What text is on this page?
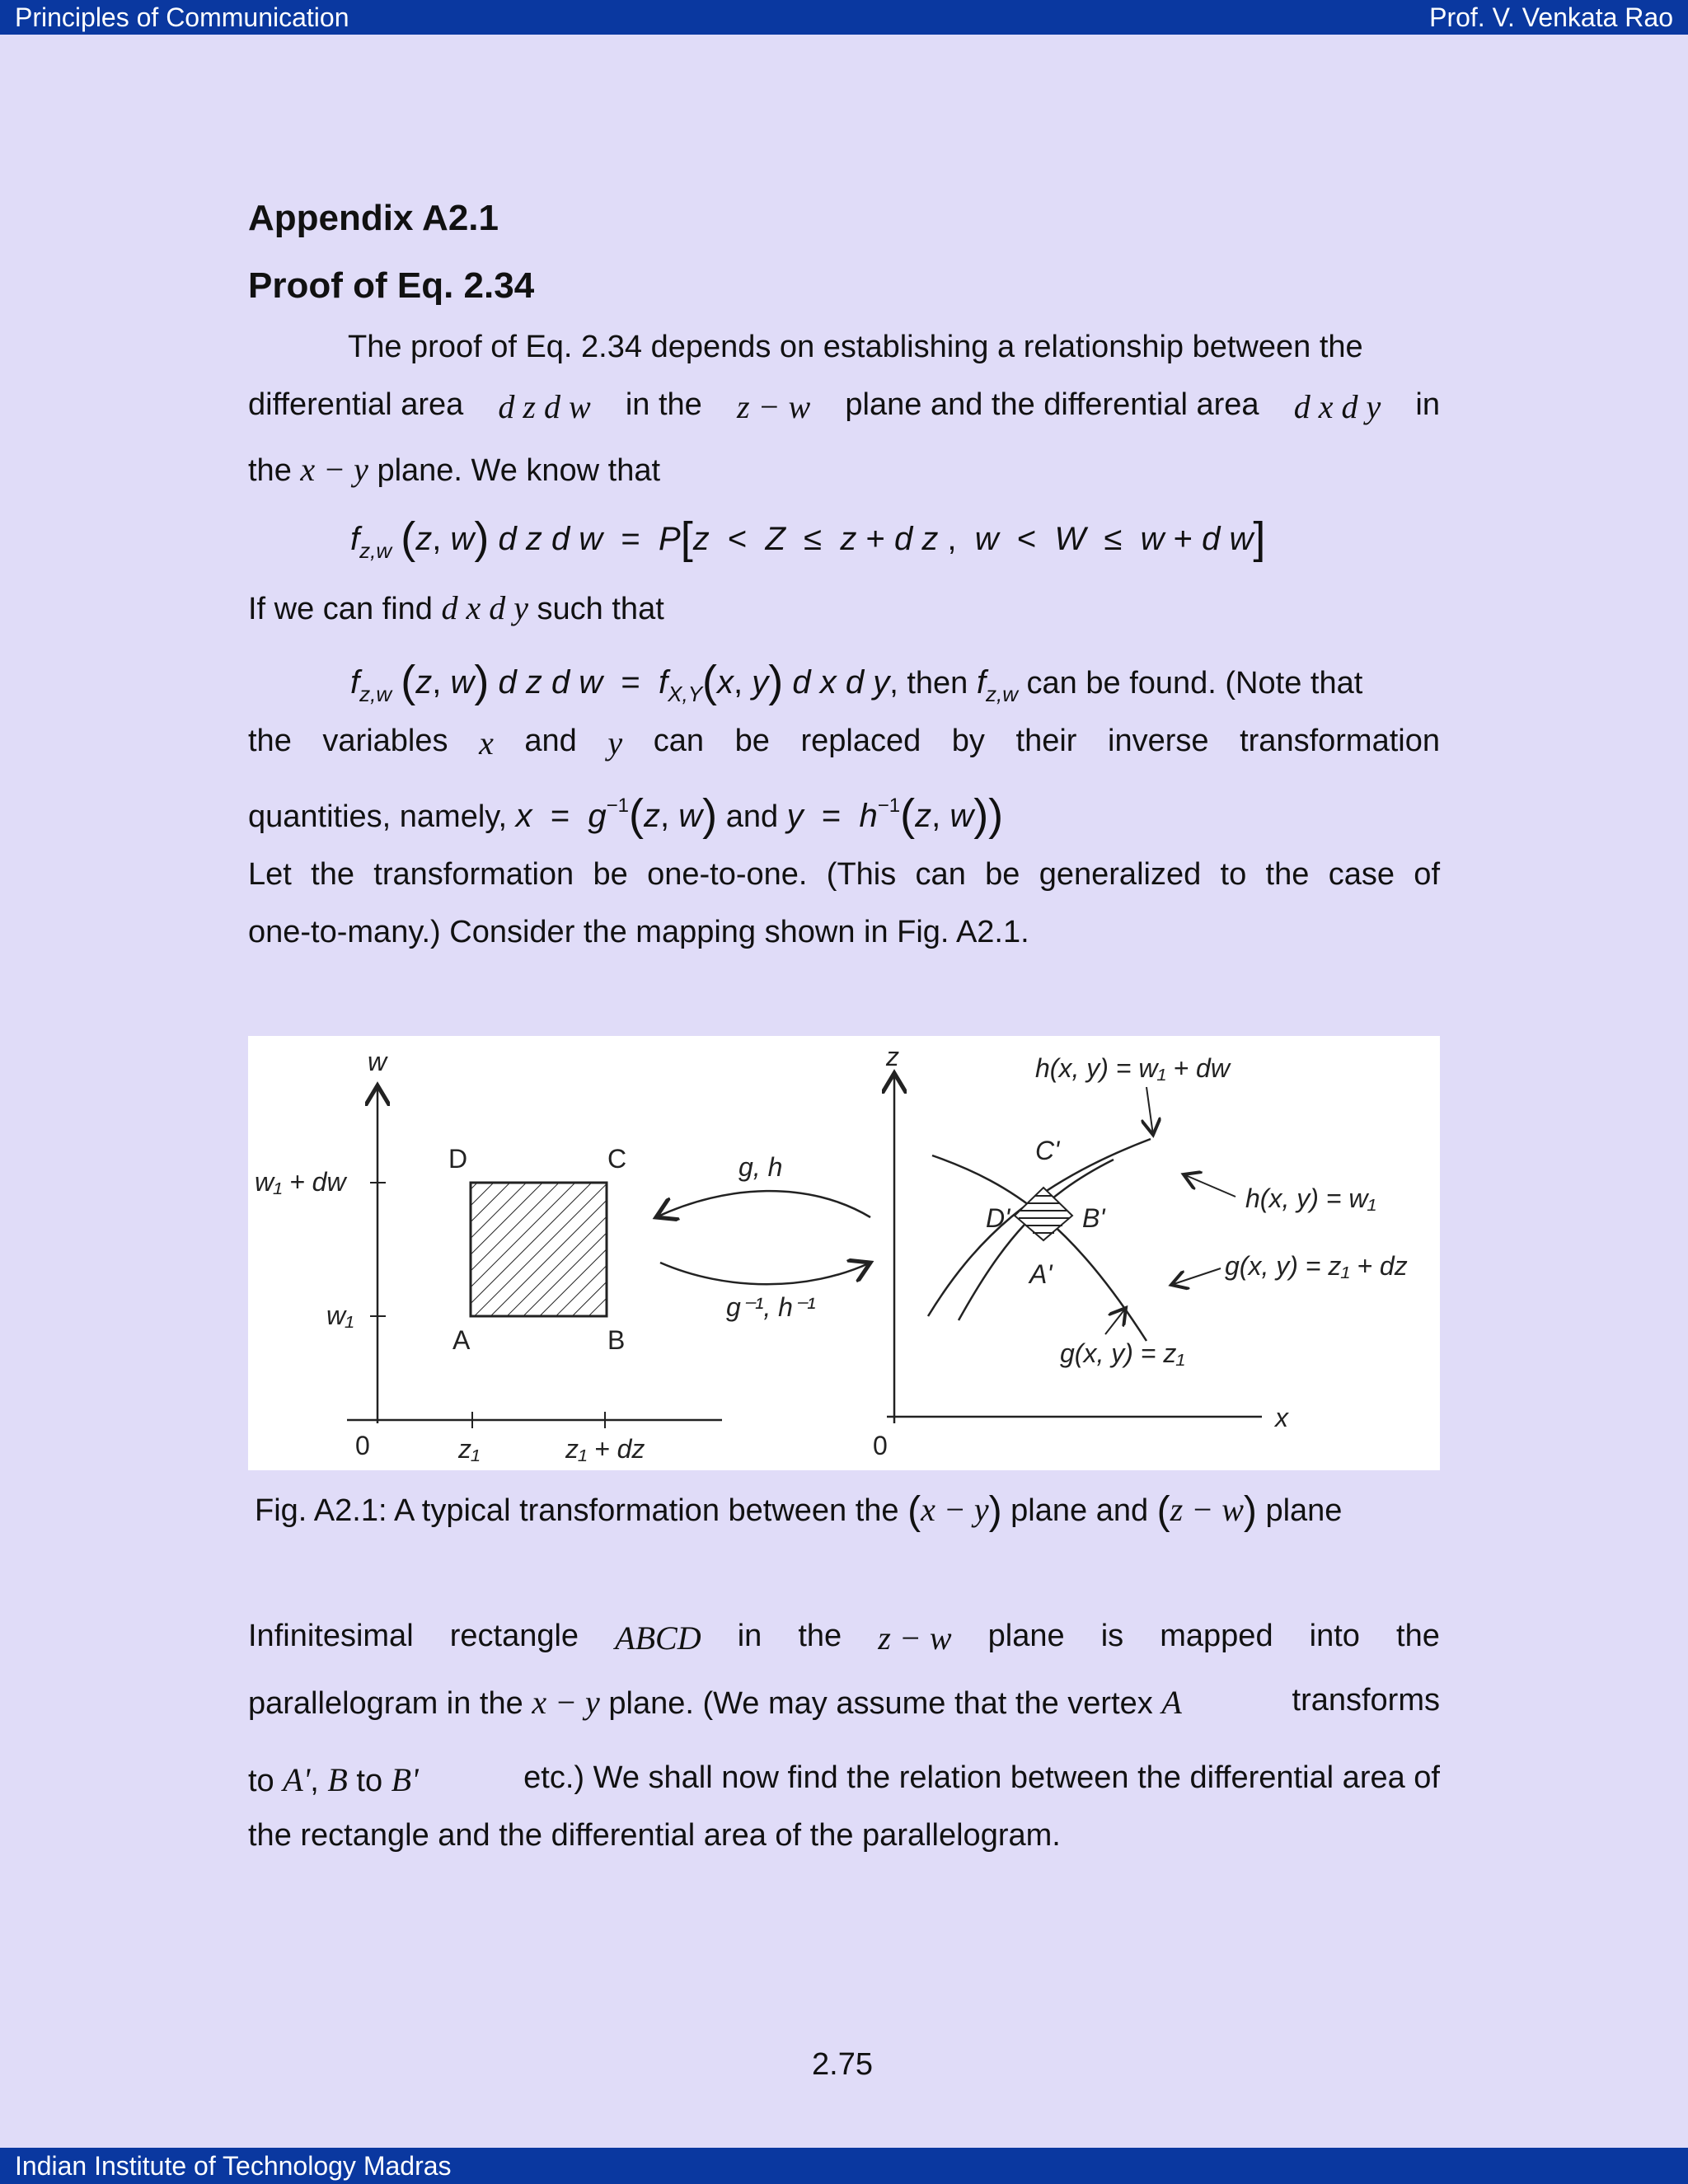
Principles of Communication	Prof. V. Venkata Rao
Indian Institute of Technology Madras
Appendix A2.1
Proof of Eq. 2.34
The proof of Eq. 2.34 depends on establishing a relationship between the
differential area d z d w in the z − w plane and the differential area d x d y in
the x − y plane. We know that
$f_{z,w}$ (z, w) d z d w  =  P[z  <  Z  ≤  z + d z ,  w  <  W  ≤  w + d w]
If we can find d x d y such that
$f_{z,w}$ (z, w) d z d $w = f_{X,Y}(x$, y) d x d y, then $f_{z,w}$ can be found. (Note that
the variables x and y can be replaced by their inverse transformation
quantities, namely, $x = g^{-1}(z$, w) and $y = h^{-1}(z$, w))
Let the transformation be one-to-one. (This can be generalized to the case of
one-to-many.) Consider the mapping shown in Fig. A2.1.
w
w₁ + dw
w₁
0	z₁	z₁ + dz
D	C
A	B
g, h
g⁻¹, h⁻¹
z
x
0
C'
D'	B'
A'
h(x, y) = w₁ + dw
h(x, y) = w₁
g(x, y) = z₁ + dz
g(x, y) = z₁
Fig. A2.1: A typical transformation between the (x − y) plane and (z − w) plane
Infinitesimal rectangle ABCD in the z − w plane is mapped into the
parallelogram in the x − y plane. (We may assume that the vertex A	transforms
to A', B to B'	etc.) We shall now find the relation between the differential area of
the rectangle and the differential area of the parallelogram.
2.75
